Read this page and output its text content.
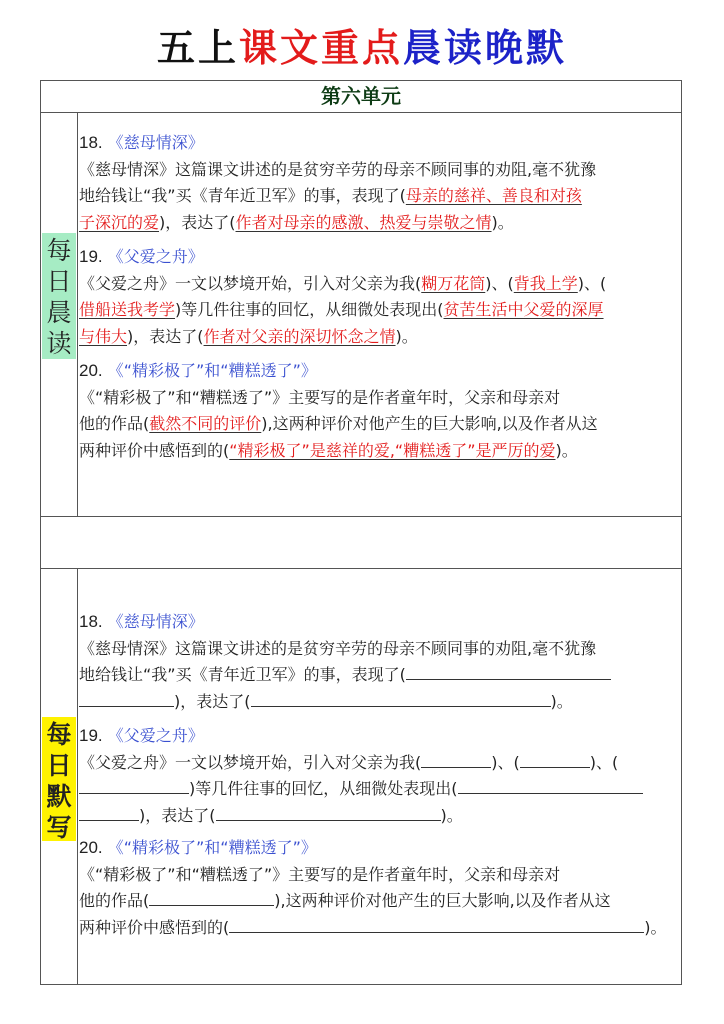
五上课文重点晨读晚默
第六单元
每
日
晨
读
18. 《慈母情深》
《慈母情深》这篇课文讲述的是贫穷辛劳的母亲不顾同事的劝阻,毫不犹豫
地给钱让“我”买《青年近卫军》的事，表现了(母亲的慈祥、善良和对孩
子深沉的爱)，表达了(作者对母亲的感激、热爱与崇敬之情)。
19. 《父爱之舟》
《父爱之舟》一文以梦境开始，引入对父亲为我(糊万花筒)、(背我上学)、(
借船送我考学)等几件往事的回忆，从细微处表现出(贫苦生活中父爱的深厚
与伟大)，表达了(作者对父亲的深切怀念之情)。
20. 《“精彩极了”和“糟糕透了”》
《“精彩极了”和“糟糕透了”》主要写的是作者童年时，父亲和母亲对
他的作品(截然不同的评价),这两种评价对他产生的巨大影响,以及作者从这
两种评价中感悟到的(“精彩极了”是慈祥的爱,“糟糕透了”是严厉的爱)。
每
日
默
写
18. 《慈母情深》
《慈母情深》这篇课文讲述的是贫穷辛劳的母亲不顾同事的劝阻,毫不犹豫
地给钱让“我”买《青年近卫军》的事，表现了(
)，表达了(	)。
19. 《父爱之舟》
《父爱之舟》一文以梦境开始，引入对父亲为我(	)、(	)、(
)等几件往事的回忆，从细微处表现出(
)，表达了(	)。
20. 《“精彩极了”和“糟糕透了”》
《“精彩极了”和“糟糕透了”》主要写的是作者童年时，父亲和母亲对
他的作品(	),这两种评价对他产生的巨大影响,以及作者从这
两种评价中感悟到的(	)。
